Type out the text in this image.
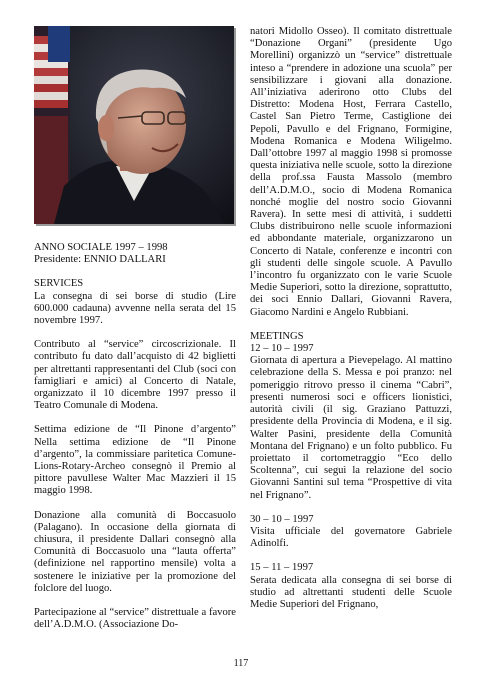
ANNO SOCIALE 1997 – 1998

Presidente: ENNIO DALLARI

SERVICES

La consegna di sei borse di studio (Lire 600.000 cadauna) avvenne nella serata del 15 novembre 1997.

Contributo al “service” circoscrizionale. Il contributo fu dato dall’acquisto di 42 biglietti per altrettanti rappresentanti del Club (soci con famigliari e amici) al Concerto di Natale, organizzato il 10 dicembre 1997 presso il Teatro Comunale di Modena.

Settima edizione de “Il Pinone d’argento” Nella settima edizione de “Il Pinone d’argento”, la commissiare paritetica Comune-Lions-Rotary-Archeo consegnò il Premio al pittore pavullese Walter Mac Mazzieri il 15 maggio 1998.

Donazione alla comunità di Boccasuolo (Palagano). In occasione della giornata di chiusura, il presidente Dallari consegnò alla Comunità di Boccasuolo una “lauta offerta” (definizione nel rapportino mensile) volta a sostenere le iniziative per la promozione del folclore del luogo.

Partecipazione al “service” distrettuale a favore dell’A.D.M.O. (Associazione Do-

natori Midollo Osseo). Il comitato distrettuale “Donazione Organi” (presidente Ugo Morellini) organizzò un “service” distrettuale inteso a “prendere in adozione una scuola” per sensibilizzare i giovani alla donazione. All’iniziativa aderirono otto Clubs del Distretto: Modena Host, Ferrara Castello, Castel San Pietro Terme, Castiglione dei Pepoli, Pavullo e del Frignano, Formigine, Modena Romanica e Modena Wiligelmo. Dall’ottobre 1997 al maggio 1998 si promosse questa iniziativa nelle scuole, sotto la direzione della prof.ssa Fausta Massolo (membro dell’A.D.M.O., socio di Modena Romanica nonché moglie del nostro socio Giovanni Ravera). In sette mesi di attività, i suddetti Clubs distribuirono nelle scuole informazioni ed abbondante materiale, organizzarono un Concerto di Natale, conferenze e incontri con gli studenti delle singole scuole. A Pavullo l’incontro fu organizzato con le varie Scuole Medie Superiori, sotto la direzione, soprattutto, dei soci Ennio Dallari, Giovanni Ravera, Giacomo Nardini e Angelo Rubbiani.

MEETINGS

12 – 10 – 1997

Giornata di apertura a Pievepelago. Al mattino celebrazione della S. Messa e poi pranzo: nel pomeriggio ritrovo presso il cinema “Cabri”, presenti numerosi soci e officers lionistici, autorità civili (il sig. Graziano Pattuzzi, presidente della Provincia di Modena, e il sig. Walter Pasini, presidente della Comunità Montana del Frignano) e un folto pubblico. Fu proiettato il cortometraggio “Eco dello Scoltenna”, cui seguì la relazione del socio Giovanni Santini sul tema “Prospettive di vita nel Frignano”.

30 – 10 – 1997

Visita ufficiale del governatore Gabriele Adinolfi.

15 – 11 – 1997

Serata dedicata alla consegna di sei borse di studio ad altrettanti studenti delle Scuole Medie Superiori del Frignano,

117
